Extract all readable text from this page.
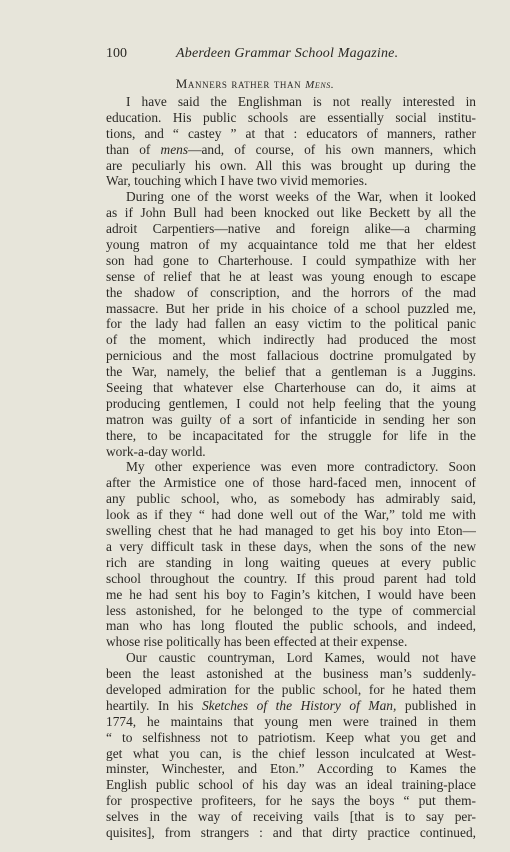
100	Aberdeen Grammar School Magazine.
Manners rather than Mens.
I have said the Englishman is not really interested in
education. His public schools are essentially social institu-
tions, and “ castey ” at that : educators of manners, rather
than of mens—and, of course, of his own manners, which
are peculiarly his own. All this was brought up during the
War, touching which I have two vivid memories.
During one of the worst weeks of the War, when it looked
as if John Bull had been knocked out like Beckett by all the
adroit Carpentiers—native and foreign alike—a charming
young matron of my acquaintance told me that her eldest
son had gone to Charterhouse. I could sympathize with her
sense of relief that he at least was young enough to escape
the shadow of conscription, and the horrors of the mad
massacre. But her pride in his choice of a school puzzled me,
for the lady had fallen an easy victim to the political panic
of the moment, which indirectly had produced the most
pernicious and the most fallacious doctrine promulgated by
the War, namely, the belief that a gentleman is a Juggins.
Seeing that whatever else Charterhouse can do, it aims at
producing gentlemen, I could not help feeling that the young
matron was guilty of a sort of infanticide in sending her son
there, to be incapacitated for the struggle for life in the
work-a-day world.
My other experience was even more contradictory. Soon
after the Armistice one of those hard-faced men, innocent of
any public school, who, as somebody has admirably said,
look as if they “ had done well out of the War,” told me with
swelling chest that he had managed to get his boy into Eton—
a very difficult task in these days, when the sons of the new
rich are standing in long waiting queues at every public
school throughout the country. If this proud parent had told
me he had sent his boy to Fagin’s kitchen, I would have been
less astonished, for he belonged to the type of commercial
man who has long flouted the public schools, and indeed,
whose rise politically has been effected at their expense.
Our caustic countryman, Lord Kames, would not have
been the least astonished at the business man’s suddenly-
developed admiration for the public school, for he hated them
heartily. In his Sketches of the History of Man, published in
1774, he maintains that young men were trained in them
“ to selfishness not to patriotism. Keep what you get and
get what you can, is the chief lesson inculcated at West-
minster, Winchester, and Eton.” According to Kames the
English public school of his day was an ideal training-place
for prospective profiteers, for he says the boys “ put them-
selves in the way of receiving vails [that is to say per-
quisites], from strangers : and that dirty practice continued,
